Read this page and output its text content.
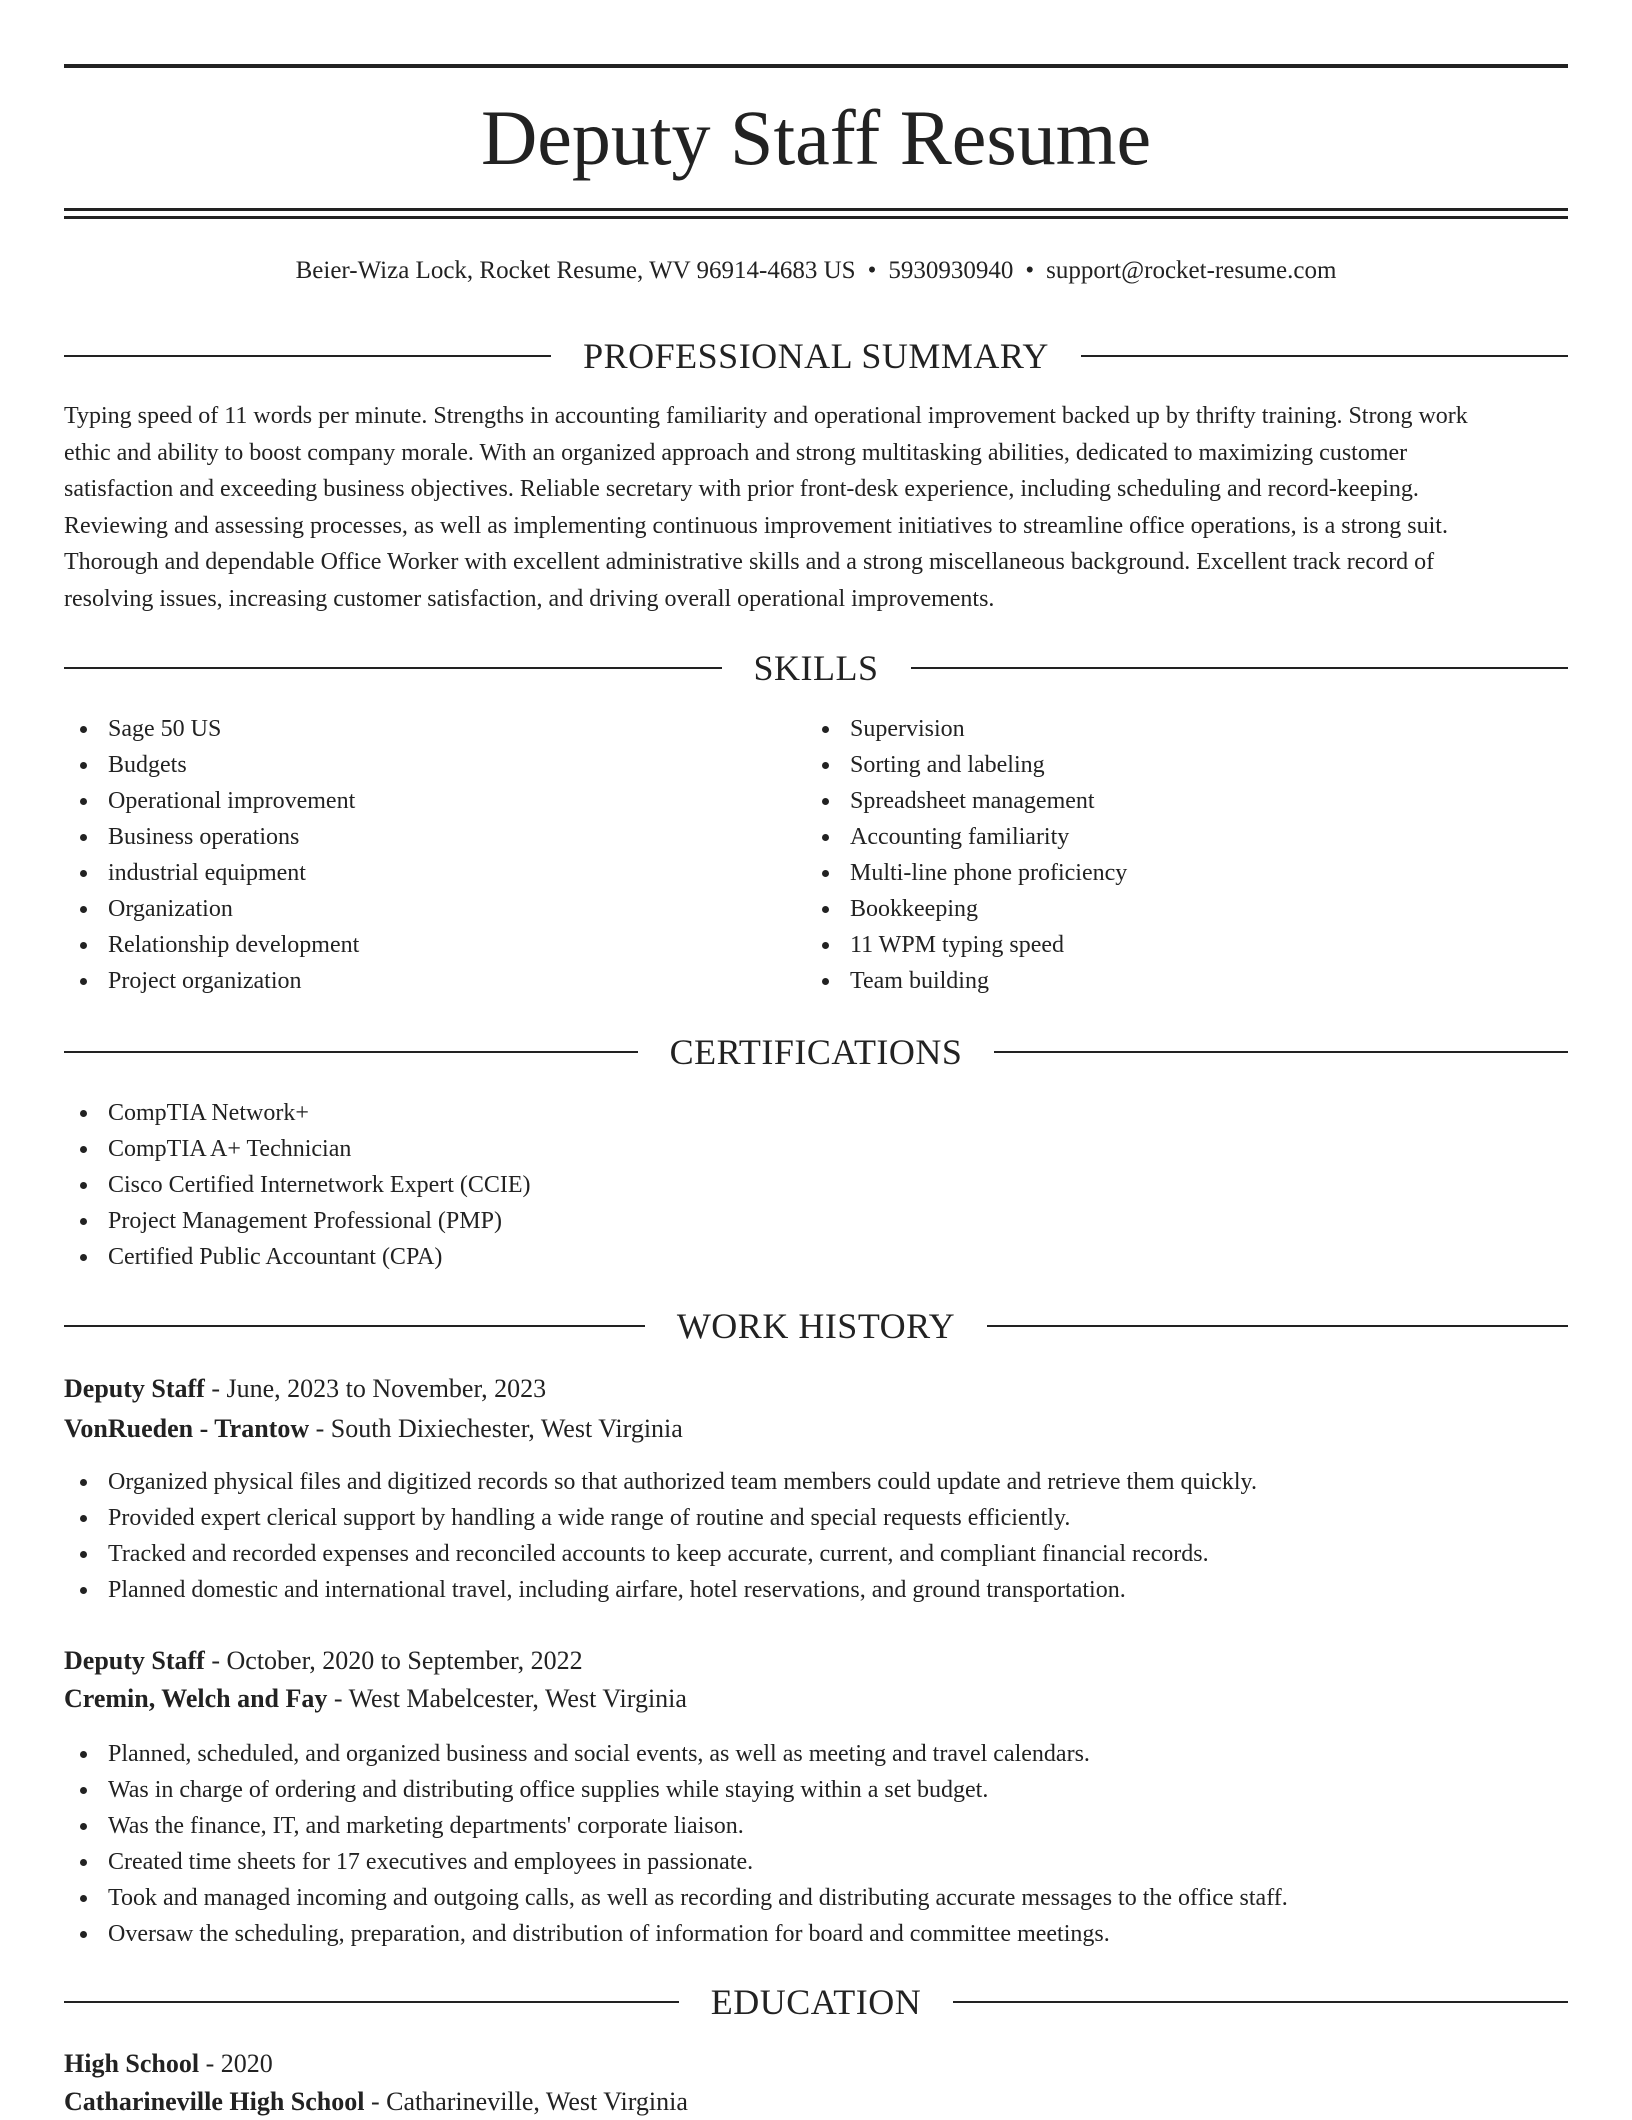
Deputy Staff Resume
Beier-Wiza Lock, Rocket Resume, WV 96914-4683 US • 5930930940 • support@rocket-resume.com
PROFESSIONAL SUMMARY
Typing speed of 11 words per minute. Strengths in accounting familiarity and operational improvement backed up by thrifty training. Strong work
ethic and ability to boost company morale. With an organized approach and strong multitasking abilities, dedicated to maximizing customer
satisfaction and exceeding business objectives. Reliable secretary with prior front-desk experience, including scheduling and record-keeping.
Reviewing and assessing processes, as well as implementing continuous improvement initiatives to streamline office operations, is a strong suit.
Thorough and dependable Office Worker with excellent administrative skills and a strong miscellaneous background. Excellent track record of
resolving issues, increasing customer satisfaction, and driving overall operational improvements.
SKILLS
Sage 50 US
Budgets
Operational improvement
Business operations
industrial equipment
Organization
Relationship development
Project organization
Supervision
Sorting and labeling
Spreadsheet management
Accounting familiarity
Multi-line phone proficiency
Bookkeeping
11 WPM typing speed
Team building
CERTIFICATIONS
CompTIA Network+
CompTIA A+ Technician
Cisco Certified Internetwork Expert (CCIE)
Project Management Professional (PMP)
Certified Public Accountant (CPA)
WORK HISTORY
Deputy Staff - June, 2023 to November, 2023
VonRueden - Trantow - South Dixiechester, West Virginia
Organized physical files and digitized records so that authorized team members could update and retrieve them quickly.
Provided expert clerical support by handling a wide range of routine and special requests efficiently.
Tracked and recorded expenses and reconciled accounts to keep accurate, current, and compliant financial records.
Planned domestic and international travel, including airfare, hotel reservations, and ground transportation.
Deputy Staff - October, 2020 to September, 2022
Cremin, Welch and Fay - West Mabelcester, West Virginia
Planned, scheduled, and organized business and social events, as well as meeting and travel calendars.
Was in charge of ordering and distributing office supplies while staying within a set budget.
Was the finance, IT, and marketing departments' corporate liaison.
Created time sheets for 17 executives and employees in passionate.
Took and managed incoming and outgoing calls, as well as recording and distributing accurate messages to the office staff.
Oversaw the scheduling, preparation, and distribution of information for board and committee meetings.
EDUCATION
High School - 2020
Catharineville High School - Catharineville, West Virginia
